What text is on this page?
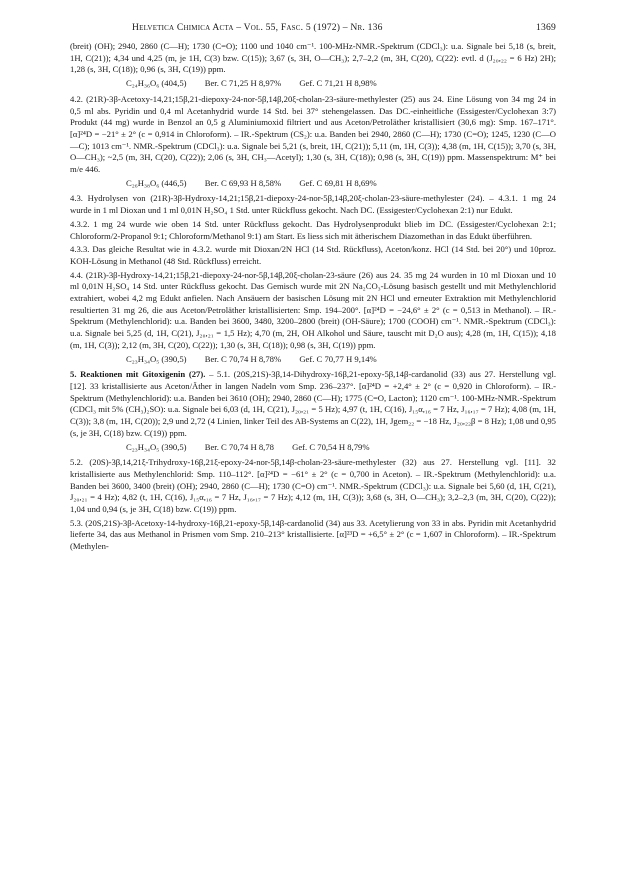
Helvetica Chimica Acta – Vol. 55, Fasc. 5 (1972) – Nr. 136	1369

(breit) (OH); 2940, 2860 (C—H); 1730 (C=O); 1100 und 1040 cm⁻¹. 100-MHz-NMR.-Spektrum (CDCl₃): u.a. Signale bei 5,18 (s, breit, 1H, C(21)); 4,34 und 4,25 (m, je 1H, C(3) bzw. C(15)); 3,67 (s, 3H, O—CH₃); 2,7–2,2 (m, 3H, C(20), C(22): evtl. d (J₂₀,₂₂ = 6 Hz) 2H); 1,28 (s, 3H, C(18)); 0,96 (s, 3H, C(19)) ppm.

C₂₄H₃₆O₆ (404,5) Ber. C 71,25 H 8,97% Gef. C 71,21 H 8,98%

4.2. (21R)-3β-Acetoxy-14,21;15β,21-diepoxy-24-nor-5β,14β,20ξ-cholan-23-säure-methylester (25) aus 24. Eine Lösung von 34 mg 24 in 0,5 ml abs. Pyridin und 0,4 ml Acetanhydrid wurde 14 Std. bei 37° stehengelassen. Das DC.-einheitliche (Essigester/Cyclohexan 3:7) Produkt (44 mg) wurde in Benzol an 0,5 g Aluminiumoxid filtriert und aus Aceton/Petroläther kristallisiert (30,6 mg): Smp. 167–171°. [α]²⁴D = −21° ± 2° (c = 0,914 in Chloroform). – IR.-Spektrum (CS₂): u.a. Banden bei 2940, 2860 (C—H); 1730 (C=O); 1245, 1230 (C—O—C); 1013 cm⁻¹. NMR.-Spektrum (CDCl₃): u.a. Signale bei 5,21 (s, breit, 1H, C(21)); 5,11 (m, 1H, C(3)); 4,38 (m, 1H, C(15)); 3,70 (s, 3H, O—CH₃); ~2,5 (m, 3H, C(20), C(22)); 2,06 (s, 3H, CH₃—Acetyl); 1,30 (s, 3H, C(18)); 0,98 (s, 3H, C(19)) ppm. Massenspektrum: M⁺ bei m/e 446.

C₂₆H₃₈O₆ (446,5) Ber. C 69,93 H 8,58% Gef. C 69,81 H 8,69%

4.3. Hydrolysen von (21R)-3β-Hydroxy-14,21;15β,21-diepoxy-24-nor-5β,14β,20ξ-cholan-23-säure-methylester (24). – 4.3.1. 1 mg 24 wurde in 1 ml Dioxan und 1 ml 0,01N H₂SO₄ 1 Std. unter Rückfluss gekocht. Nach DC. (Essigester/Cyclohexan 2:1) nur Edukt.

4.3.2. 1 mg 24 wurde wie oben 14 Std. unter Rückfluss gekocht. Das Hydrolysenprodukt blieb im DC. (Essigester/Cyclohexan 2:1; Chloroform/2-Propanol 9:1; Chloroform/Methanol 9:1) am Start. Es liess sich mit ätherischem Diazomethan in das Edukt überführen.

4.3.3. Das gleiche Resultat wie in 4.3.2. wurde mit Dioxan/2N HCl (14 Std. Rückfluss), Aceton/konz. HCl (14 Std. bei 20°) und 10proz. KOH-Lösung in Methanol (48 Std. Rückfluss) erreicht.

4.4. (21R)-3β-Hydroxy-14,21;15β,21-diepoxy-24-nor-5β,14β,20ξ-cholan-23-säure (26) aus 24. 35 mg 24 wurden in 10 ml Dioxan und 10 ml 0,01N H₂SO₄ 14 Std. unter Rückfluss gekocht. Das Gemisch wurde mit 2N Na₂CO₃-Lösung basisch gestellt und mit Methylenchlorid extrahiert, wobei 4,2 mg Edukt anfielen. Nach Ansäuern der basischen Lösung mit 2N HCl und erneuter Extraktion mit Methylenchlorid resultierten 31 mg 26, die aus Aceton/Petroläther kristallisierten: Smp. 194–200°. [α]²⁴D = −24,6° ± 2° (c = 0,513 in Methanol). – IR.-Spektrum (Methylenchlorid): u.a. Banden bei 3600, 3480, 3200–2800 (breit) (OH-Säure); 1700 (COOH) cm⁻¹. NMR.-Spektrum (CDCl₃): u.a. Signale bei 5,25 (d, 1H, C(21), J₂₀,₂₁ = 1,5 Hz); 4,70 (m, 2H, OH Alkohol und Säure, tauscht mit D₂O aus); 4,28 (m, 1H, C(15)); 4,18 (m, 1H, C(3)); 2,12 (m, 3H, C(20), C(22)); 1,30 (s, 3H, C(18)); 0,98 (s, 3H, C(19)) ppm.

C₂₃H₃₄O₅ (390,5) Ber. C 70,74 H 8,78% Gef. C 70,77 H 9,14%

5. Reaktionen mit Gitoxigenin (27). – 5.1. (20S,21S)-3β,14-Dihydroxy-16β,21-epoxy-5β,14β-cardanolid (33) aus 27. Herstellung vgl. [12]. 33 kristallisierte aus Aceton/Äther in langen Nadeln vom Smp. 236–237°. [α]²⁴D = +2,4° ± 2° (c = 0,920 in Chloroform). – IR.-Spektrum (Methylenchlorid): u.a. Banden bei 3610 (OH); 2940, 2860 (C—H); 1775 (C=O, Lacton); 1120 cm⁻¹. 100-MHz-NMR.-Spektrum (CDCl₃ mit 5% (CH₃)₂SO): u.a. Signale bei 6,03 (d, 1H, C(21), J₂₀,₂₁ = 5 Hz); 4,97 (t, 1H, C(16), J₁₅α,₁₆ = 7 Hz, J₁₆,₁₇ = 7 Hz); 4,08 (m, 1H, C(3)); 3,8 (m, 1H, C(20)); 2,9 und 2,72 (4 Linien, linker Teil des AB-Systems an C(22), 1H, Jgem₂₂ = −18 Hz, J₂₀,₂₂β = 8 Hz); 1,08 und 0,95 (s, je 3H, C(18) bzw. C(19)) ppm.

C₂₃H₃₄O₅ (390,5) Ber. C 70,74 H 8,78 Gef. C 70,54 H 8,79%

5.2. (20S)-3β,14,21ξ-Trihydroxy-16β,21ξ-epoxy-24-nor-5β,14β-cholan-23-säure-methylester (32) aus 27. Herstellung vgl. [11]. 32 kristallisierte aus Methylenchlorid: Smp. 110–112°. [α]²⁴D = −61° ± 2° (c = 0,700 in Aceton). – IR.-Spektrum (Methylenchlorid): u.a. Banden bei 3600, 3400 (breit) (OH); 2940, 2860 (C—H); 1730 (C=O) cm⁻¹. NMR.-Spektrum (CDCl₃): u.a. Signale bei 5,60 (d, 1H, C(21), J₂₀,₂₁ = 4 Hz); 4,82 (t, 1H, C(16), J₁₅α,₁₆ = 7 Hz, J₁₆,₁₇ = 7 Hz); 4,12 (m, 1H, C(3)); 3,68 (s, 3H, O—CH₃); 3,2–2,3 (m, 3H, C(20), C(22)); 1,04 und 0,94 (s, je 3H, C(18) bzw. C(19)) ppm.

5.3. (20S,21S)-3β-Acetoxy-14-hydroxy-16β,21-epoxy-5β,14β-cardanolid (34) aus 33. Acetylierung von 33 in abs. Pyridin mit Acetanhydrid lieferte 34, das aus Methanol in Prismen vom Smp. 210–213° kristallisierte. [α]²³D = +6,5° ± 2° (c = 1,607 in Chloroform). – IR.-Spektrum (Methylen-
